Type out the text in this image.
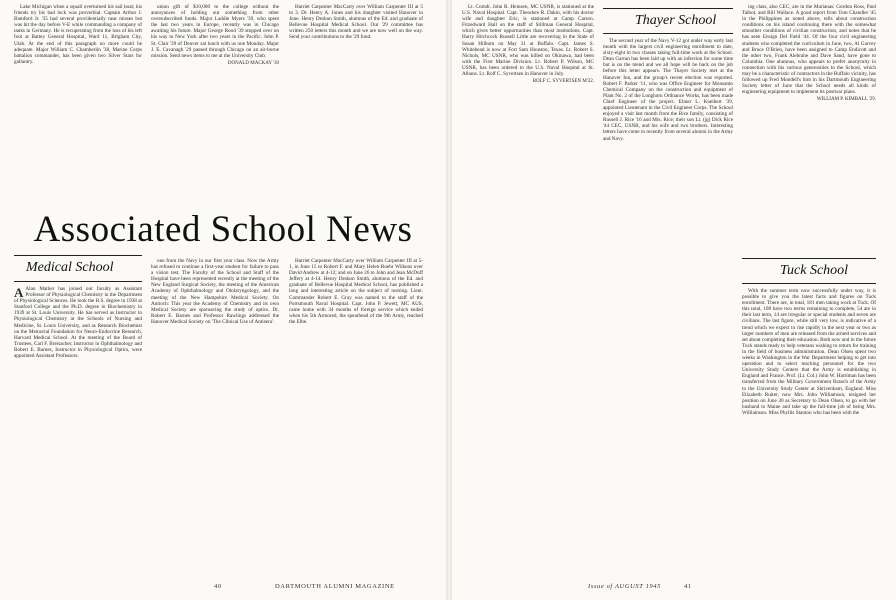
Lake Michigan when a squall overturned his sail boat; his friends try his bad luck was proverbial. Captain Arthur J. Bamford Jr. '35 had several providentially near misses but was hit the day before V-E while commanding a company of tanks in Germany. He is recuperating from the loss of his left foot at Battey General Hospital, Ward 11, Brigham City, Utah. At the end of this paragraph no more could be adequate. Major William C. Chamberlin '38, Marine Corps battalion commander, has been given two Silver Stars for gallantry.

union gift of $10,000 to the college without the annoyances of holding out something from other oversubscribed funds. Major Laddie Myers '39, who spent the last two years in Europe, recently was in Chicago awaiting his future. Major George Rood '39 stopped over on his way to New York after two years in the Pacific. John P. St. Clair '39 of Denver sat lunch with us one Monday. Major J. E. Cavanagh '29 passed through Chicago on an air-borne mission. Send news items to me at the University Club.

DONALD MACKAY '30

Harriet Carpenter MacCarty over William Carpenter III at 5 to 3. Dr. Henry A. Jones and his daughter visited Hanover in June. Henry Deshon Smith, alumnus of the Ed. and graduate of Bellevue Hospital Medical School. Our '29 committee has written 250 letters this month and we are now well on the way. Send your contributions to the '29 fund.

Associated School News
Medical School
A Alan Mather has joined our faculty as Assistant Professor of Physiological Chemistry in the Department of Physiological Sciences. He took the B.S. degree in 1938 at Stanford College and the Ph.D. degree in Biochemistry in 1939 at St. Louis University. He has served as Instructor in Physiological Chemistry at the Schools of Nursing and Medicine, St. Louis University, and as Research Biochemist on the Memorial Foundation for Neuro-Endocrine Research, Harvard Medical School. At the meeting of the Board of Trustees, Carl F. Breisacher, Instructor in Ophthalmology and Robert E. Barnes, Instructor in Physiological Optics, were appointed Assistant Professors.

one from the Navy in our first year class. Now the Army has refused to continue a first-year student for failure to pass a vision test. The Faculty of the School and Staff of the Hospital have been represented recently at the meeting of the New England Surgical Society, the meeting of the American Academy of Ophthalmology and Otolaryngology, and the meeting of the New Hampshire Medical Society. On Antioch: This year the Academy of Chemistry and its own Medical Society are sponsoring the study of optics. Dr. Robert E. Barnes and Professor Rawlings addressed the Hanover Medical Society on 'The Clinical Use of Antisera'.

Harriet Carpenter MacCarty over William Carpenter III at 5-1, in June 15 to Robert F. and Mary Helen Roehr Wilkens over David Andrew at 4-12; and on June 26 to John and Jean McDuff Jeffery at 4-14. Henry Deshon Smith, alumnus of the Ed. and graduate of Bellevue Hospital Medical School, has published a long and interesting article on the subject of nursing. Lieut. Commander Robert E. Gray was named to the staff of the Portsmouth Naval Hospital. Capt. John P. Jewett, MC AUS, came home with 34 months of foreign service which ended when his 5th Armored, the spearhead of the 9th Army, reached the Elbe.

40	DARTMOUTH ALUMNI MAGAZINE

Lt. Comdr. John R. Heinsen, MC USNR, is stationed at the U.S. Naval Hospital. Capt. Theodore R. Dakin, with his doctor wife and daughter Eric, is stationed at Camp Carson. Fitzedward Hall on the staff of Stillman General Hospital, which gives better opportunities than most institutions. Capt. Harry Hitchcock Russell Little are recovering in the State of Susan Hilburn on May 31 at Buffalo. Capt. James S. Whitehead is now at Fort Sam Houston, Texas. Lt. Robert S. Nichols, MC USNR, who was killed on Okinawa, had been with the First Marine Division. Lt. Robert P. Wilson, MC USNR, has been ordered to the U.S. Naval Hospital at St. Albans. Lt. Rolf C. Syvertsen in Hanover in July.

ROLF C. SYVERTSEN M'22.

Thayer School

The second year of the Navy V-12 got under way early last month with the largest civil engineering enrollment to date, sixty-eight in two classes taking full-time work at the School. Dean Garran has been laid up with an infection for some time but is on the mend and we all hope will be back on the job before this letter appears. The Thayer Society met at the Hanover Inn, and the group's recent election was reported. Robert F. Parker '11, who was Office Engineer for Monsanto Chemical Company on the construction and equipment of Plant No. 2 of the Longhorn Ordnance Works, has been made Chief Engineer of the project. Elmer L. Kneibert '39, appointed Lieutenant in the Civil Engineer Corps. The School enjoyed a visit last month from the Rice family, consisting of Russell J. Rice '16 and Mrs. Rice; their son Lt. (jg) Dick Rice '44 CEC, USNR, and his wife and two brothers. Interesting letters have come in recently from several alumni in the Army and Navy.

ing class, also CEC, are in the Marianas: Gordon Ross, Paul Talbot, and Bill Wallace. A good report from Tom Chandler '45 in the Philippines as noted above, tells about construction conditions on his island continuing there with the somewhat smoother conditions of civilian construction, and notes that he has seen Ensign Del Field '44. Of the four civil engineering students who completed the curriculum in June, two, Al Garvey and Bruce O'Brien, have been assigned to Camp Endicott and the other two, Frank Alebrahe and Dave Sand, have gone to Columbia. One alumnus, who appears to prefer anonymity in connection with his various generosities to the School, which may be a characteristic of contractors in the Buffalo vicinity, has followed up Fred Mondell's hint in his Dartmouth Engineering Society letter of June that the School needs all kinds of engineering equipment to implement its postwar plans.

WILLIAM P. KIMBALL '29.

Tuck School

With the summer term now successfully under way, it is possible to give you the latest facts and figures on Tuck enrollment. There are, in total, 181 men taking work at Tuck. Of this total, 108 have two terms remaining to complete, 54 are in their last term, 14 are irregular or special students and seven are civilians. The last figure, while still very low, is indicative of a trend which we expect to rise rapidly in the next year or two as larger numbers of men are released from the armed services and set about completing their education. Both now and in the future Tuck stands ready to help veterans wishing to return for training in the field of business administration. Dean Olsen spent two weeks in Washington in the War Department helping to get into operation and to select teaching personnel for the two University Study Centers that the Army is establishing in England and France. Prof. (Lt. Col.) John W. Harriman has been transferred from the Military Government Branch of the Army to the University Study Center at Shrivenham, England. Miss Elizabeth Ruiter, now Mrs. John Williamson, resigned her position on June 30 as Secretary to Dean Olsen, to go with her husband to Maine and take up the full-time job of being Mrs. Williamson. Miss Phyllis Stanton who has been with the

Issue of AUGUST 1945	41
